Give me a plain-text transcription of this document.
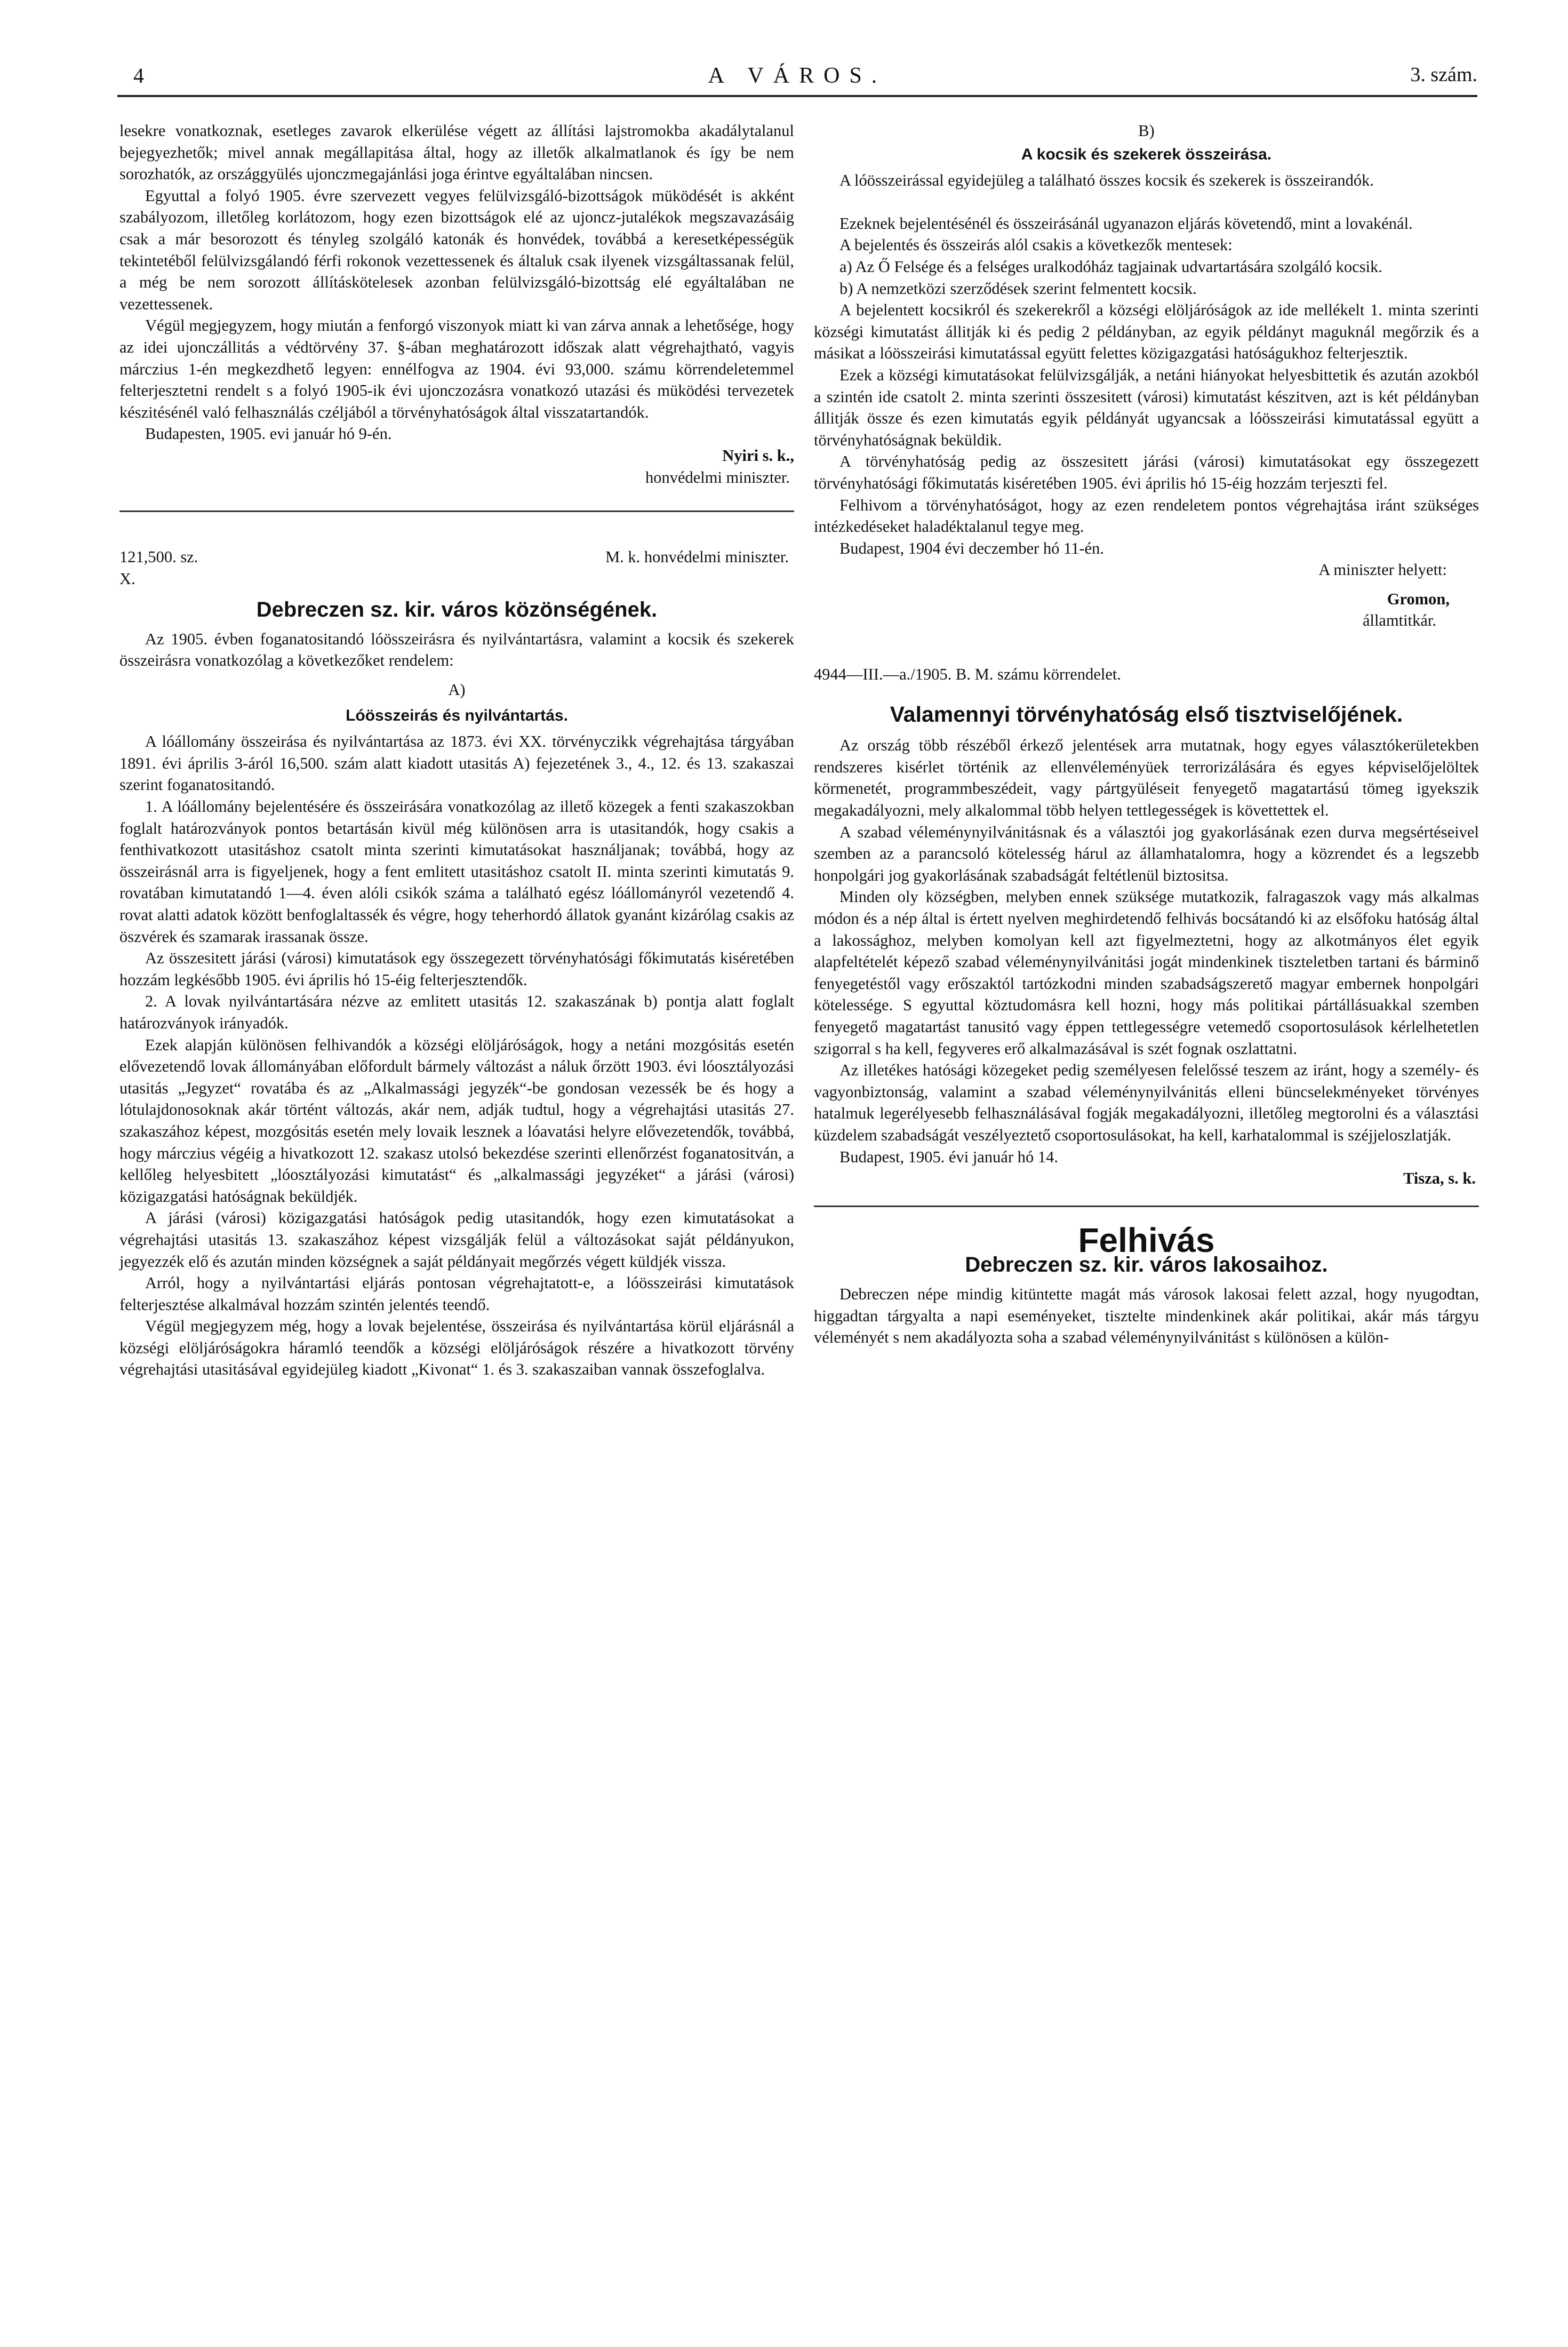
4	A VÁROS.	3. szám.

lesekre vonatkoznak, esetleges zavarok elkerülése végett az állítási lajstromokba akadálytalanul bejegyezhetők; mivel annak megállapitása által, hogy az illetők alkalmatlanok és így be nem sorozhatók, az országgyülés ujonczmegajánlási joga érintve egyáltalában nincsen.

Egyuttal a folyó 1905. évre szervezett vegyes felülvizsgáló-bizottságok müködését is akként szabályozom, illetőleg korlátozom, hogy ezen bizottságok elé az ujoncz-jutalékok megszavazásáig csak a már besorozott és tényleg szolgáló katonák és honvédek, továbbá a keresetképességük tekintetéből felülvizsgálandó férfi rokonok vezettessenek és általuk csak ilyenek vizsgáltassanak felül, a még be nem sorozott állításkötelesek azonban felülvizsgáló-bizottság elé egyáltalában ne vezettessenek.

Végül megjegyzem, hogy miután a fenforgó viszonyok miatt ki van zárva annak a lehetősége, hogy az idei ujonczállitás a védtörvény 37. §-ában meghatározott időszak alatt végrehajtható, vagyis márczius 1-én megkezdhető legyen: ennélfogva az 1904. évi 93,000. számu körrendeletemmel felterjesztetni rendelt s a folyó 1905-ik évi ujonczozásra vonatkozó utazási és müködési tervezetek készitésénél való felhasználás czéljából a törvényhatóságok által visszatartandók.

Budapesten, 1905. evi január hó 9-én.

Nyiri s. k.,
honvédelmi miniszter.
121,500. sz.	M. k. honvédelmi miniszter.
X.
Debreczen sz. kir. város közönségének.

Az 1905. évben foganatositandó lóösszeirásra és nyilvántartásra, valamint a kocsik és szekerek összeirásra vonatkozólag a következőket rendelem:

A)
Lóösszeirás és nyilvántartás.

A lóállomány összeirása és nyilvántartása az 1873. évi XX. törvényczikk végrehajtása tárgyában 1891. évi április 3-áról 16,500. szám alatt kiadott utasitás A) fejezetének 3., 4., 12. és 13. szakaszai szerint foganatositandó.

1. A lóállomány bejelentésére és összeirására vonatkozólag az illető közegek a fenti szakaszokban foglalt határozványok pontos betartásán kivül még különösen arra is utasitandók, hogy csakis a fenthivatkozott utasitáshoz csatolt minta szerinti kimutatásokat használjanak; továbbá, hogy az összeirásnál arra is figyeljenek, hogy a fent emlitett utasitáshoz csatolt II. minta szerinti kimutatás 9. rovatában kimutatandó 1—4. éven alóli csikók száma a található egész lóállományról vezetendő 4. rovat alatti adatok között benfoglaltassék és végre, hogy teherhordó állatok gyanánt kizárólag csakis az öszvérek és szamarak irassanak össze.

Az összesitett járási (városi) kimutatások egy összegezett törvényhatósági főkimutatás kiséretében hozzám legkésőbb 1905. évi április hó 15-éig felterjesztendők.

2. A lovak nyilvántartására nézve az emlitett utasitás 12. szakaszának b) pontja alatt foglalt határozványok irányadók.

Ezek alapján különösen felhivandók a községi elöljáróságok, hogy a netáni mozgósitás esetén elővezetendő lovak állományában előfordult bármely változást a náluk őrzött 1903. évi lóosztályozási utasitás „Jegyzet“ rovatába és az „Alkalmassági jegyzék“-be gondosan vezessék be és hogy a lótulajdonosoknak akár történt változás, akár nem, adják tudtul, hogy a végrehajtási utasitás 27. szakaszához képest, mozgósitás esetén mely lovaik lesznek a lóavatási helyre elővezetendők, továbbá, hogy márczius végéig a hivatkozott 12. szakasz utolsó bekezdése szerinti ellenőrzést foganatositván, a kellőleg helyesbitett „lóosztályozási kimutatást“ és „alkalmassági jegyzéket“ a járási (városi) közigazgatási hatóságnak beküldjék.

A járási (városi) közigazgatási hatóságok pedig utasitandók, hogy ezen kimutatásokat a végrehajtási utasitás 13. szakaszához képest vizsgálják felül a változásokat saját példányukon, jegyezzék elő és azután minden községnek a saját példányait megőrzés végett küldjék vissza.

Arról, hogy a nyilvántartási eljárás pontosan végrehajtatott-e, a lóösszeirási kimutatások felterjesztése alkalmával hozzám szintén jelentés teendő.

Végül megjegyzem még, hogy a lovak bejelentése, összeirása és nyilvántartása körül eljárásnál a községi elöljáróságokra háramló teendők a községi elöljáróságok részére a hivatkozott törvény végrehajtási utasitásával egyidejüleg kiadott „Kivonat“ 1. és 3. szakaszaiban vannak összefoglalva.

B)
A kocsik és szekerek összeirása.

A lóösszeirással egyidejüleg a található összes kocsik és szekerek is összeirandók.

Ezeknek bejelentésénél és összeirásánál ugyanazon eljárás követendő, mint a lovakénál.

A bejelentés és összeirás alól csakis a következők mentesek:

a) Az Ő Felsége és a felséges uralkodóház tagjainak udvartartására szolgáló kocsik.

b) A nemzetközi szerződések szerint felmentett kocsik.

A bejelentett kocsikról és szekerekről a községi elöljáróságok az ide mellékelt 1. minta szerinti községi kimutatást állitják ki és pedig 2 példányban, az egyik példányt maguknál megőrzik és a másikat a lóösszeirási kimutatással együtt felettes közigazgatási hatóságukhoz felterjesztik.

Ezek a községi kimutatásokat felülvizsgálják, a netáni hiányokat helyesbittetik és azután azokból a szintén ide csatolt 2. minta szerinti összesitett (városi) kimutatást készitven, azt is két példányban állitják össze és ezen kimutatás egyik példányát ugyancsak a lóösszeirási kimutatással együtt a törvényhatóságnak beküldik.

A törvényhatóság pedig az összesitett járási (városi) kimutatásokat egy összegezett törvényhatósági főkimutatás kiséretében 1905. évi április hó 15-éig hozzám terjeszti fel.

Felhivom a törvényhatóságot, hogy az ezen rendeletem pontos végrehajtása iránt szükséges intézkedéseket haladéktalanul tegye meg.

Budapest, 1904 évi deczember hó 11-én.

A miniszter helyett:
Gromon,
államtitkár.

4944—III.—a./1905. B. M. számu körrendelet.

Valamennyi törvényhatóság első tisztviselőjének.

Az ország több részéből érkező jelentések arra mutatnak, hogy egyes választókerületekben rendszeres kisérlet történik az ellenvéleményüek terrorizálására és egyes képviselőjelöltek körmenetét, programmbeszédeit, vagy pártgyüléseit fenyegető magatartású tömeg igyekszik megakadályozni, mely alkalommal több helyen tettlegességek is követtettek el.

A szabad véleménynyilvánitásnak és a választói jog gyakorlásának ezen durva megsértéseivel szemben az a parancsoló kötelesség hárul az államhatalomra, hogy a közrendet és a legszebb honpolgári jog gyakorlásának szabadságát feltétlenül biztositsa.

Minden oly községben, melyben ennek szüksége mutatkozik, falragaszok vagy más alkalmas módon és a nép által is értett nyelven meghirdetendő felhivás bocsátandó ki az elsőfoku hatóság által a lakossághoz, melyben komolyan kell azt figyelmeztetni, hogy az alkotmányos élet egyik alapfeltételét képező szabad véleménynyilvánitási jogát mindenkinek tiszteletben tartani és bárminő fenyegetéstől vagy erőszaktól tartózkodni minden szabadságszerető magyar embernek honpolgári kötelessége. S egyuttal köztudomásra kell hozni, hogy más politikai pártállásuakkal szemben fenyegető magatartást tanusitó vagy éppen tettlegességre vetemedő csoportosulások kérlelhetetlen szigorral s ha kell, fegyveres erő alkalmazásával is szét fognak oszlattatni.

Az illetékes hatósági közegeket pedig személyesen felelőssé teszem az iránt, hogy a személy- és vagyonbiztonság, valamint a szabad véleménynyilvánitás elleni büncselekményeket törvényes hatalmuk legerélyesebb felhasználásával fogják megakadályozni, illetőleg megtorolni és a választási küzdelem szabadságát veszélyeztető csoportosulásokat, ha kell, karhatalommal is széjjeloszlatják.

Budapest, 1905. évi január hó 14.

Tisza, s. k.
Felhivás
Debreczen sz. kir. város lakosaihoz.

Debreczen népe mindig kitüntette magát más városok lakosai felett azzal, hogy nyugodtan, higgadtan tárgyalta a napi eseményeket, tisztelte mindenkinek akár politikai, akár más tárgyu véleményét s nem akadályozta soha a szabad véleménynyilvánitást s különösen a külön-
